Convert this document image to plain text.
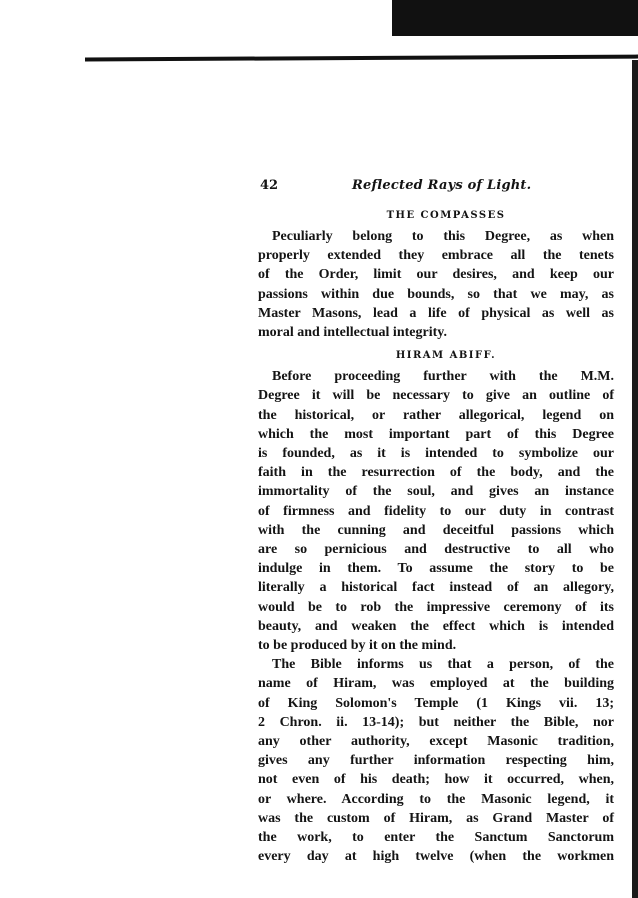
42	Reflected Rays of Light.
THE COMPASSES

Peculiarly belong to this Degree, as when
properly extended they embrace all the tenets
of the Order, limit our desires, and keep our
passions within due bounds, so that we may, as
Master Masons, lead a life of physical as well as
moral and intellectual integrity.

HIRAM ABIFF.

Before proceeding further with the M.M.
Degree it will be necessary to give an outline of
the historical, or rather allegorical, legend on
which the most important part of this Degree
is founded, as it is intended to symbolize our
faith in the resurrection of the body, and the
immortality of the soul, and gives an instance
of firmness and fidelity to our duty in contrast
with the cunning and deceitful passions which
are so pernicious and destructive to all who
indulge in them. To assume the story to be
literally a historical fact instead of an allegory,
would be to rob the impressive ceremony of its
beauty, and weaken the effect which is intended
to be produced by it on the mind.

The Bible informs us that a person, of the
name of Hiram, was employed at the building
of King Solomon's Temple (1 Kings vii. 13;
2 Chron. ii. 13-14); but neither the Bible, nor
any other authority, except Masonic tradition,
gives any further information respecting him,
not even of his death; how it occurred, when,
or where. According to the Masonic legend, it
was the custom of Hiram, as Grand Master of
the work, to enter the Sanctum Sanctorum
every day at high twelve (when the workmen
